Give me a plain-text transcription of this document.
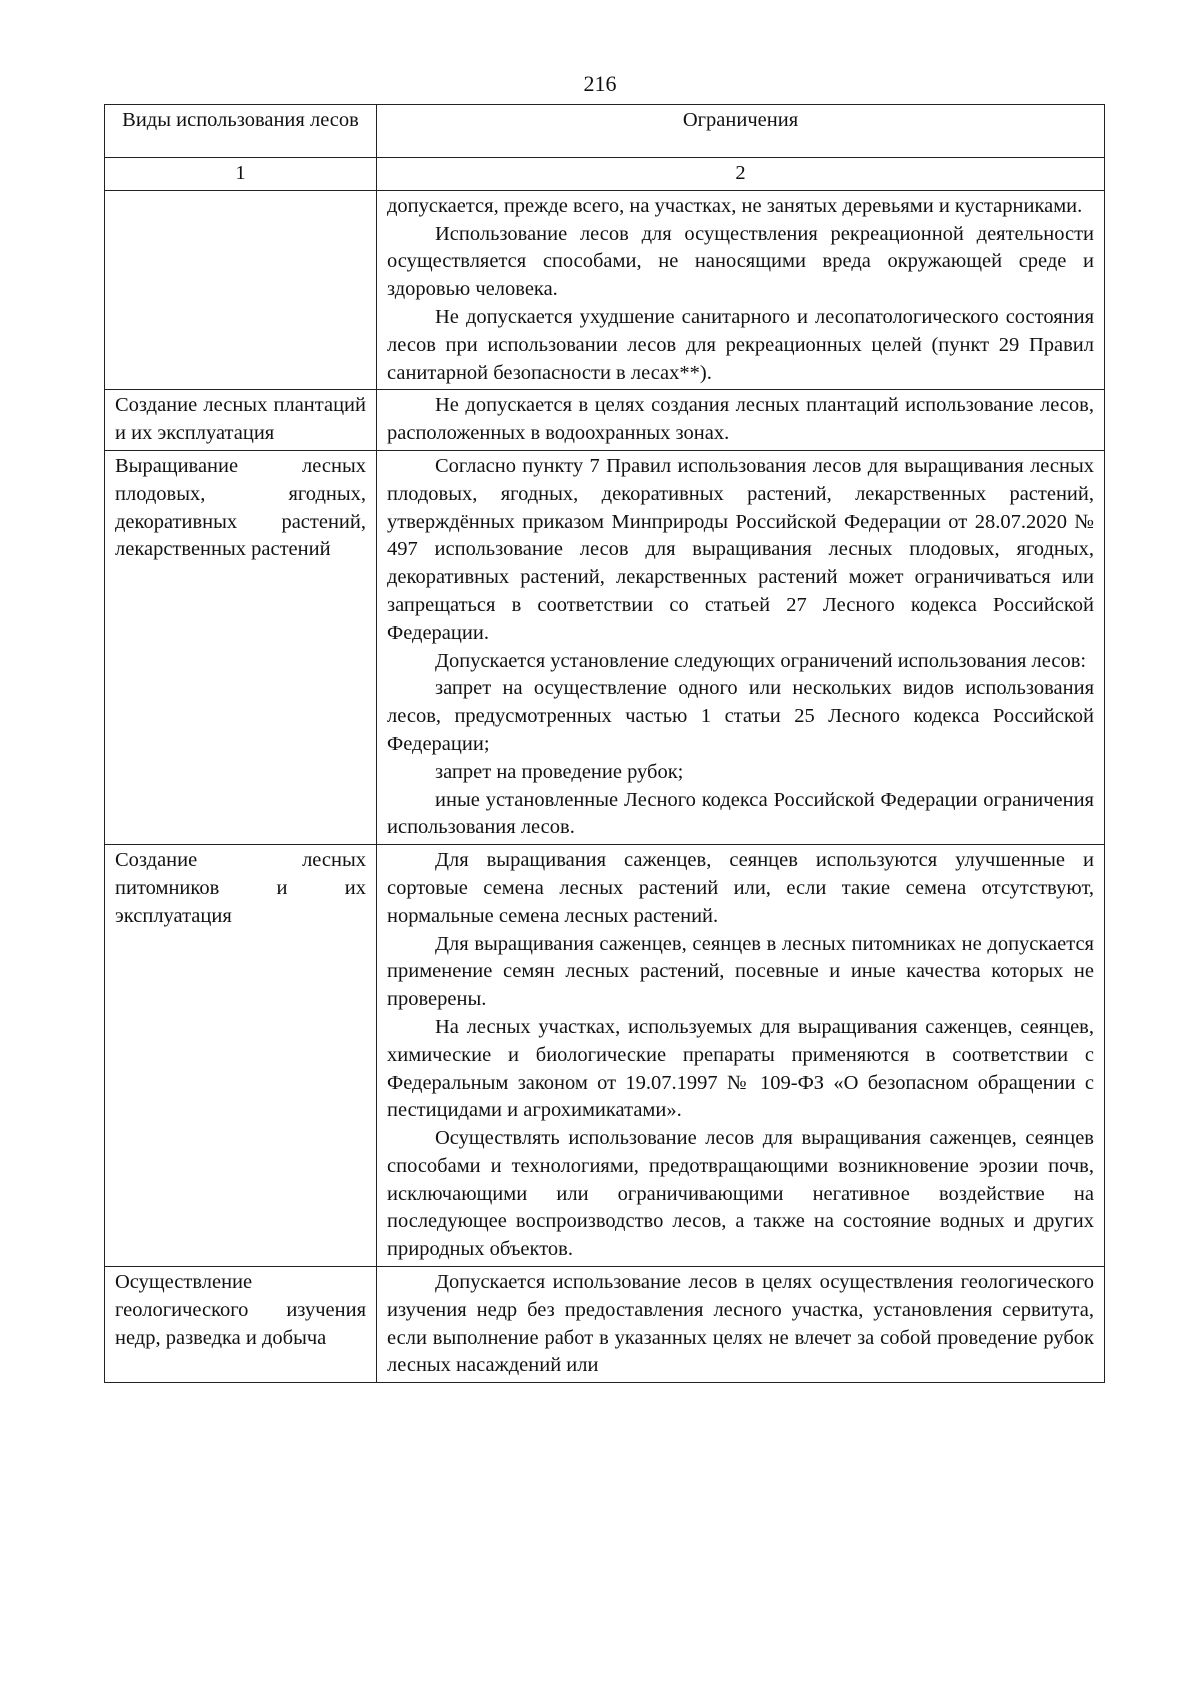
216
Виды использования лесов	Ограничения
1	2

	допускается, прежде всего, на участках, не занятых деревьями и кустарниками.

Использование лесов для осуществления рекреационной деятельности осуществляется способами, не наносящими вреда окружающей среде и здоровью человека.

Не допускается ухудшение санитарного и лесопатологического состояния лесов при использовании лесов для рекреационных целей (пункт 29 Правил санитарной безопасности в лесах**).

Создание лесных плантаций и их эксплуатация	Не допускается в целях создания лесных плантаций использование лесов, расположенных в водоохранных зонах.

Выращивание лесных плодовых, ягодных, декоративных растений, лекарственных растений	Согласно пункту 7 Правил использования лесов для выращивания лесных плодовых, ягодных, декоративных растений, лекарственных растений, утверждённых приказом Минприроды Российской Федерации от 28.07.2020 № 497 использование лесов для выращивания лесных плодовых, ягодных, декоративных растений, лекарственных растений может ограничиваться или запрещаться в соответствии со статьей 27 Лесного кодекса Российской Федерации.

Допускается установление следующих ограничений использования лесов:

запрет на осуществление одного или нескольких видов использования лесов, предусмотренных частью 1 статьи 25 Лесного кодекса Российской Федерации;

запрет на проведение рубок;

иные установленные Лесного кодекса Российской Федерации ограничения использования лесов.

Создание лесных питомников и их эксплуатация	Для выращивания саженцев, сеянцев используются улучшенные и сортовые семена лесных растений или, если такие семена отсутствуют, нормальные семена лесных растений.

Для выращивания саженцев, сеянцев в лесных питомниках не допускается применение семян лесных растений, посевные и иные качества которых не проверены.

На лесных участках, используемых для выращивания саженцев, сеянцев, химические и биологические препараты применяются в соответствии с Федеральным законом от 19.07.1997 № 109-ФЗ «О безопасном обращении с пестицидами и агрохимикатами».

Осуществлять использование лесов для выращивания саженцев, сеянцев способами и технологиями, предотвращающими возникновение эрозии почв, исключающими или ограничивающими негативное воздействие на последующее воспроизводство лесов, а также на состояние водных и других природных объектов.

Осуществление геологического изучения недр, разведка и добыча	Допускается использование лесов в целях осуществления геологического изучения недр без предоставления лесного участка, установления сервитута, если выполнение работ в указанных целях не влечет за собой проведение рубок лесных насаждений или
